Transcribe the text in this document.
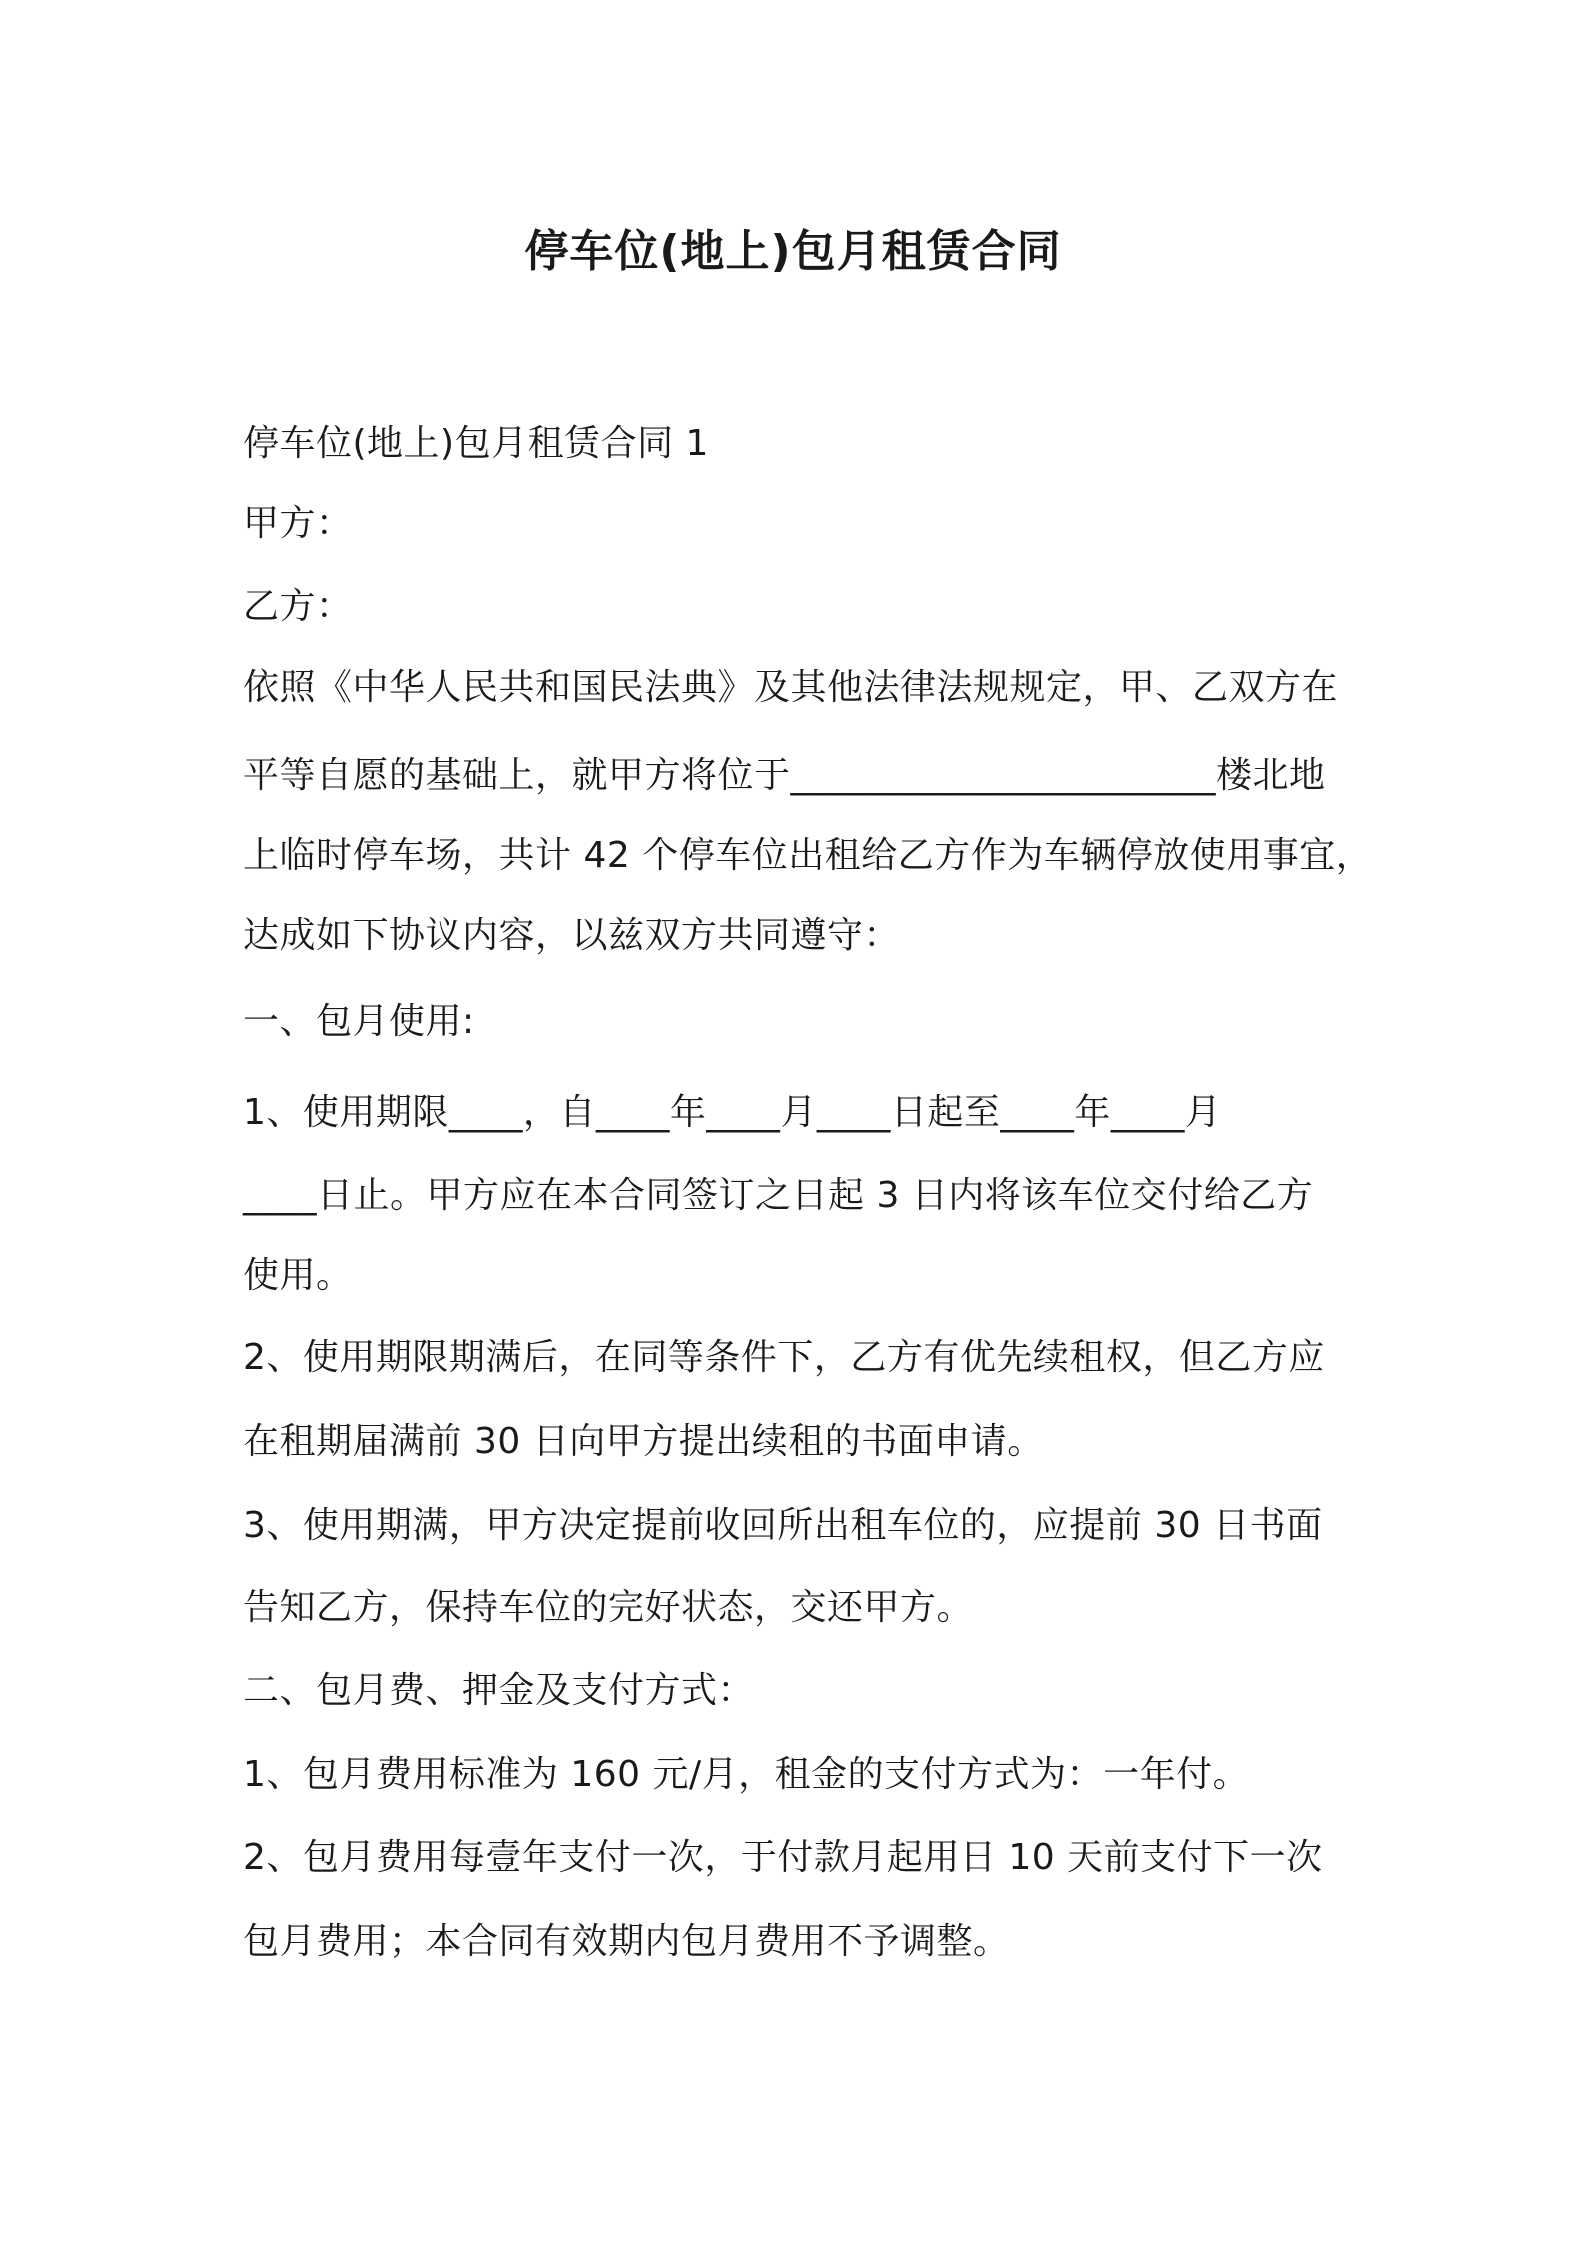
停车位(地上)包月租赁合同

停车位(地上)包月租赁合同 1

甲方：

乙方：

依照《中华人民共和国民法典》及其他法律法规规定，甲、乙双方在

平等自愿的基础上，就甲方将位于_______________________楼北地

上临时停车场，共计 42 个停车位出租给乙方作为车辆停放使用事宜，

达成如下协议内容，以兹双方共同遵守：

一、包月使用:

1、使用期限____，自____年____月____日起至____年____月

____日止。甲方应在本合同签订之日起 3 日内将该车位交付给乙方

使用。

2、使用期限期满后，在同等条件下，乙方有优先续租权，但乙方应

在租期届满前 30 日向甲方提出续租的书面申请。

3、使用期满，甲方决定提前收回所出租车位的，应提前 30 日书面

告知乙方，保持车位的完好状态，交还甲方。

二、包月费、押金及支付方式：

1、包月费用标准为 160 元/月，租金的支付方式为：一年付。

2、包月费用每壹年支付一次，于付款月起用日 10 天前支付下一次

包月费用；本合同有效期内包月费用不予调整。
